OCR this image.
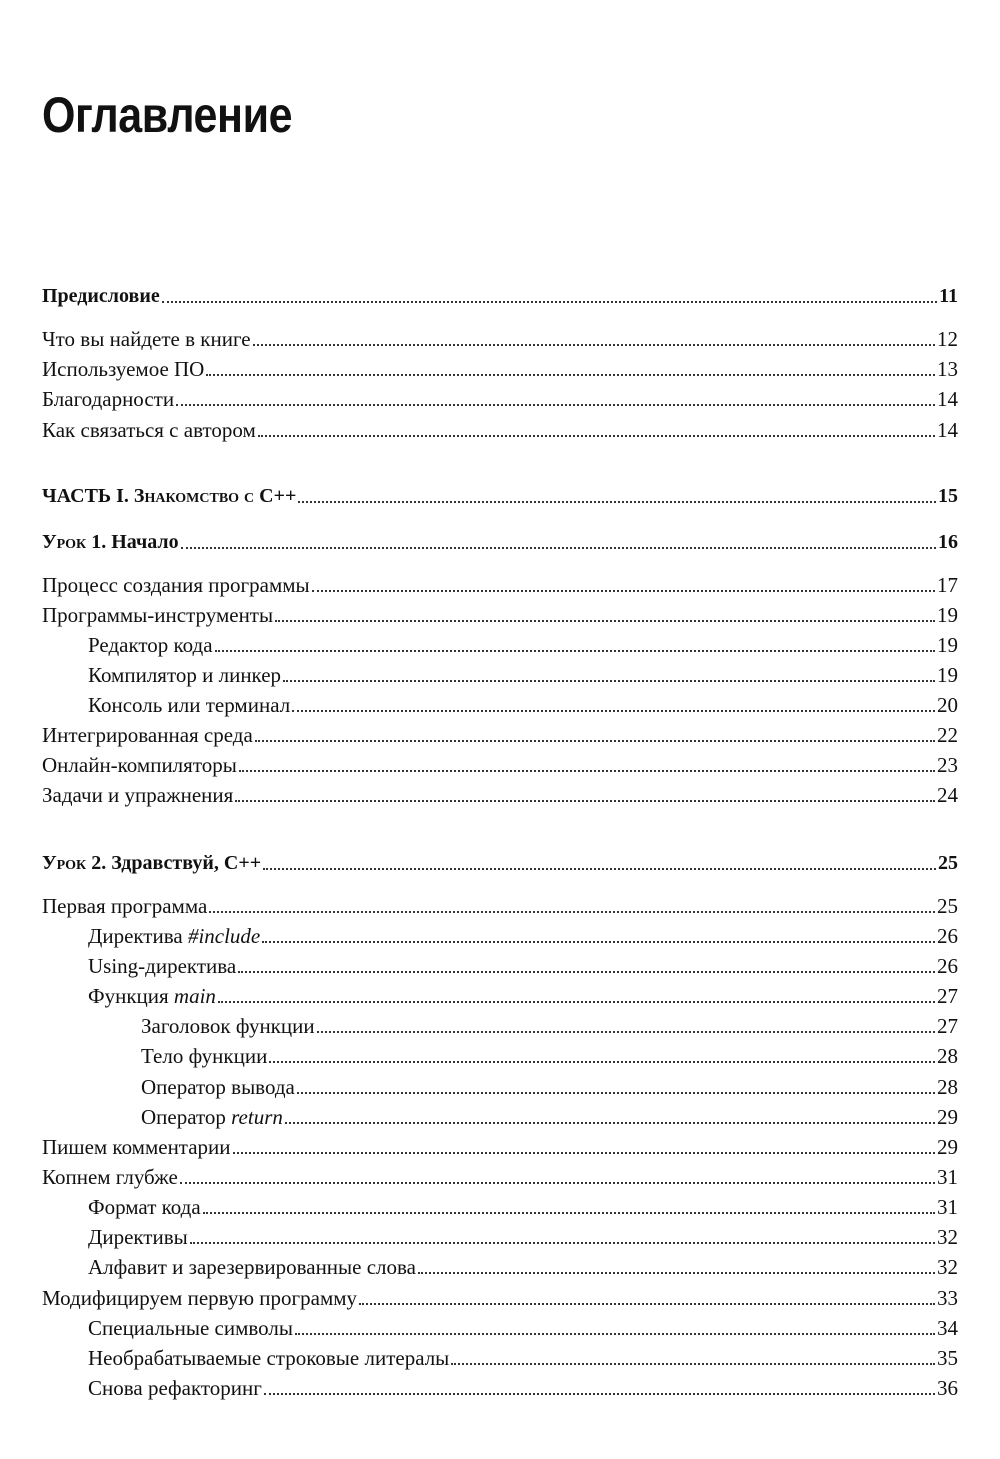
Оглавление
Предисловие	11
Что вы найдете в книге	12
Используемое ПО	13
Благодарности	14
Как связаться с автором	14
ЧАСТЬ I. Знакомство с C++	15
Урок 1. Начало	16
Процесс создания программы	17
Программы-инструменты	19
Редактор кода	19
Компилятор и линкер	19
Консоль или терминал	20
Интегрированная среда	22
Онлайн-компиляторы	23
Задачи и упражнения	24
Урок 2. Здравствуй, C++	25
Первая программа	25
Директива #include	26
Using-директива	26
Функция main	27
Заголовок функции	27
Тело функции	28
Оператор вывода	28
Оператор return	29
Пишем комментарии	29
Копнем глубже	31
Формат кода	31
Директивы	32
Алфавит и зарезервированные слова	32
Модифицируем первую программу	33
Специальные символы	34
Необрабатываемые строковые литералы	35
Снова рефакторинг	36
